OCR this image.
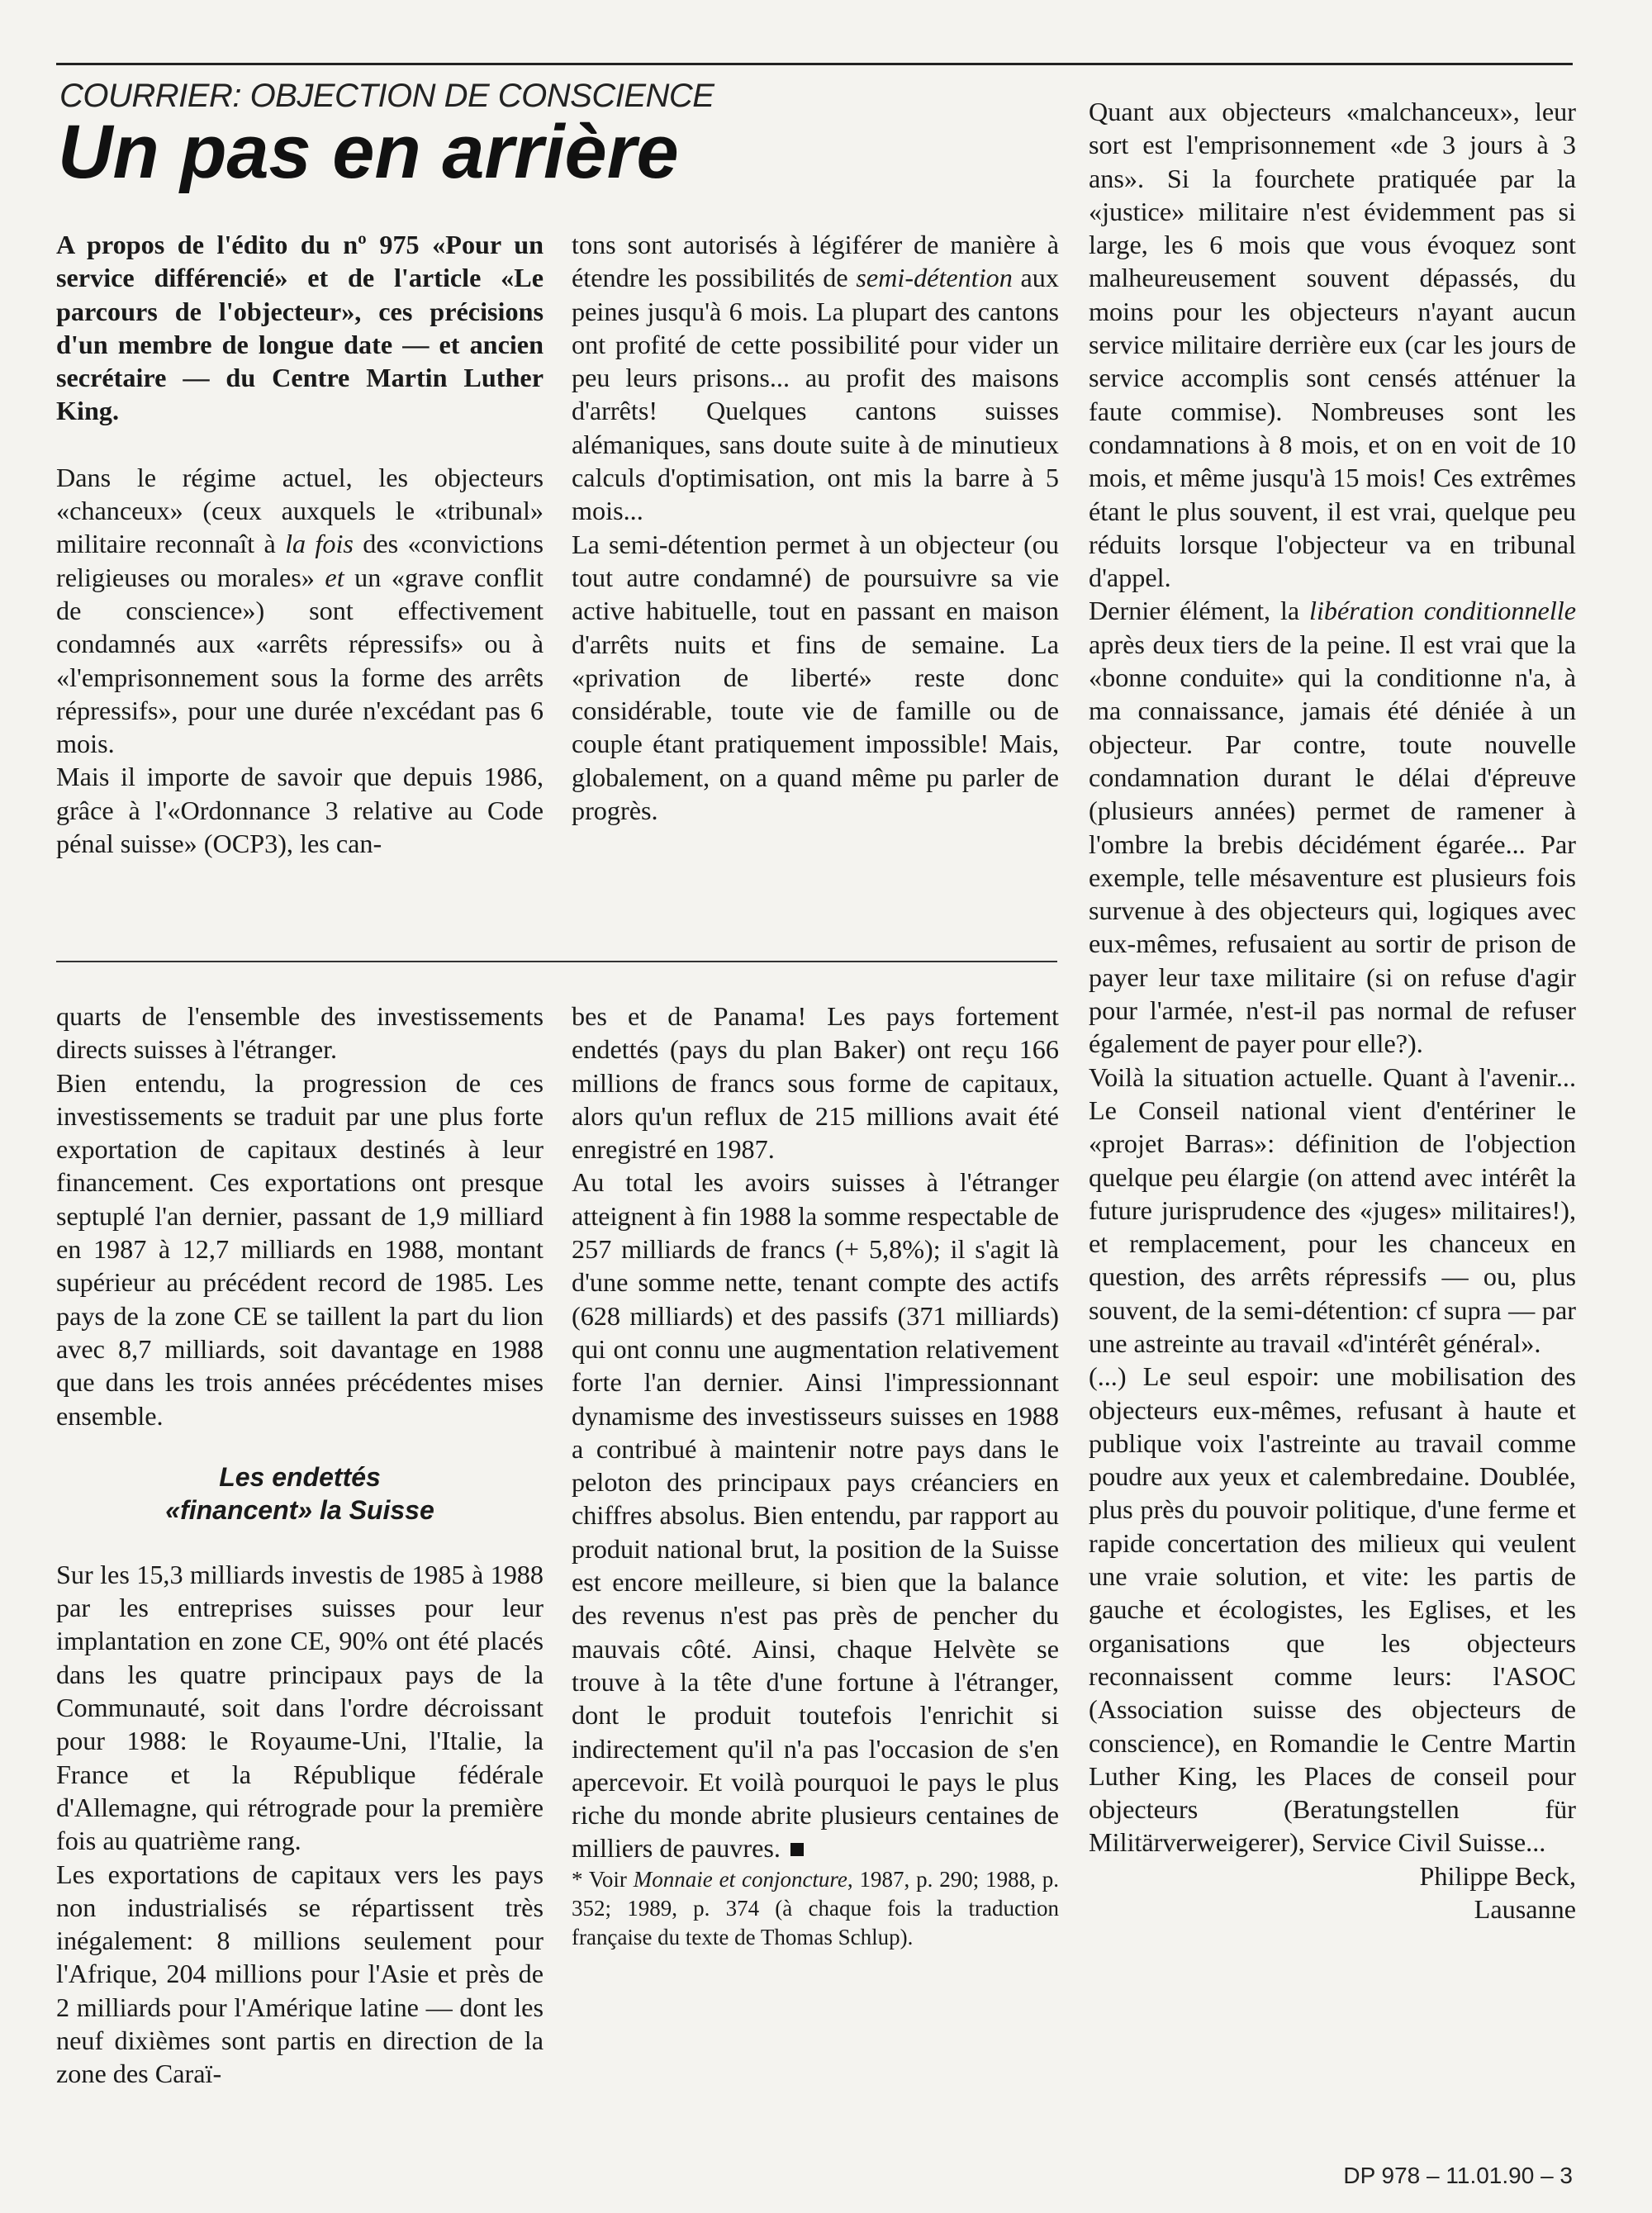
COURRIER: OBJECTION DE CONSCIENCE
Un pas en arrière

A propos de l'édito du nº 975 «Pour un service différencié» et de l'article «Le parcours de l'objecteur», ces précisions d'un membre de longue date — et ancien secrétaire — du Centre Martin Luther King.

Dans le régime actuel, les objecteurs «chanceux» (ceux auxquels le «tribunal» militaire reconnaît à la fois des «convictions religieuses ou morales» et un «grave conflit de conscience») sont effectivement condamnés aux «arrêts répressifs» ou à «l'emprisonnement sous la forme des arrêts répressifs», pour une durée n'excédant pas 6 mois.

Mais il importe de savoir que depuis 1986, grâce à l'«Ordonnance 3 relative au Code pénal suisse» (OCP3), les can-

tons sont autorisés à légiférer de manière à étendre les possibilités de semi-détention aux peines jusqu'à 6 mois. La plupart des cantons ont profité de cette possibilité pour vider un peu leurs prisons... au profit des maisons d'arrêts! Quelques cantons suisses alémaniques, sans doute suite à de minutieux calculs d'optimisation, ont mis la barre à 5 mois...

La semi-détention permet à un objecteur (ou tout autre condamné) de poursuivre sa vie active habituelle, tout en passant en maison d'arrêts nuits et fins de semaine. La «privation de liberté» reste donc considérable, toute vie de famille ou de couple étant pratiquement impossible! Mais, globalement, on a quand même pu parler de progrès.

Quant aux objecteurs «malchanceux», leur sort est l'emprisonnement «de 3 jours à 3 ans». Si la fourchete pratiquée par la «justice» militaire n'est évidemment pas si large, les 6 mois que vous évoquez sont malheureusement souvent dépassés, du moins pour les objecteurs n'ayant aucun service militaire derrière eux (car les jours de service accomplis sont censés atténuer la faute commise). Nombreuses sont les condamnations à 8 mois, et on en voit de 10 mois, et même jusqu'à 15 mois! Ces extrêmes étant le plus souvent, il est vrai, quelque peu réduits lorsque l'objecteur va en tribunal d'appel.

Dernier élément, la libération conditionnelle après deux tiers de la peine. Il est vrai que la «bonne conduite» qui la conditionne n'a, à ma connaissance, jamais été déniée à un objecteur. Par contre, toute nouvelle condamnation durant le délai d'épreuve (plusieurs années) permet de ramener à l'ombre la brebis décidément égarée... Par exemple, telle mésaventure est plusieurs fois survenue à des objecteurs qui, logiques avec eux-mêmes, refusaient au sortir de prison de payer leur taxe militaire (si on refuse d'agir pour l'armée, n'est-il pas normal de refuser également de payer pour elle?).

Voilà la situation actuelle. Quant à l'avenir... Le Conseil national vient d'entériner le «projet Barras»: définition de l'objection quelque peu élargie (on attend avec intérêt la future jurisprudence des «juges» militaires!), et remplacement, pour les chanceux en question, des arrêts répressifs — ou, plus souvent, de la semi-détention: cf supra — par une astreinte au travail «d'intérêt général».

(...) Le seul espoir: une mobilisation des objecteurs eux-mêmes, refusant à haute et publique voix l'astreinte au travail comme poudre aux yeux et calembredaine. Doublée, plus près du pouvoir politique, d'une ferme et rapide concertation des milieux qui veulent une vraie solution, et vite: les partis de gauche et écologistes, les Eglises, et les organisations que les objecteurs reconnaissent comme leurs: l'ASOC (Association suisse des objecteurs de conscience), en Romandie le Centre Martin Luther King, les Places de conseil pour objecteurs (Beratungstellen für Militärverweigerer), Service Civil Suisse...

Philippe Beck,

Lausanne

quarts de l'ensemble des investissements directs suisses à l'étranger.

Bien entendu, la progression de ces investissements se traduit par une plus forte exportation de capitaux destinés à leur financement. Ces exportations ont presque septuplé l'an dernier, passant de 1,9 milliard en 1987 à 12,7 milliards en 1988, montant supérieur au précédent record de 1985. Les pays de la zone CE se taillent la part du lion avec 8,7 milliards, soit davantage en 1988 que dans les trois années précédentes mises ensemble.

Les endettés
«financent» la Suisse

Sur les 15,3 milliards investis de 1985 à 1988 par les entreprises suisses pour leur implantation en zone CE, 90% ont été placés dans les quatre principaux pays de la Communauté, soit dans l'ordre décroissant pour 1988: le Royaume-Uni, l'Italie, la France et la République fédérale d'Allemagne, qui rétrograde pour la première fois au quatrième rang.

Les exportations de capitaux vers les pays non industrialisés se répartissent très inégalement: 8 millions seulement pour l'Afrique, 204 millions pour l'Asie et près de 2 milliards pour l'Amérique latine — dont les neuf dixièmes sont partis en direction de la zone des Caraï-

bes et de Panama! Les pays fortement endettés (pays du plan Baker) ont reçu 166 millions de francs sous forme de capitaux, alors qu'un reflux de 215 millions avait été enregistré en 1987.

Au total les avoirs suisses à l'étranger atteignent à fin 1988 la somme respectable de 257 milliards de francs (+ 5,8%); il s'agit là d'une somme nette, tenant compte des actifs (628 milliards) et des passifs (371 milliards) qui ont connu une augmentation relativement forte l'an dernier. Ainsi l'impressionnant dynamisme des investisseurs suisses en 1988 a contribué à maintenir notre pays dans le peloton des principaux pays créanciers en chiffres absolus. Bien entendu, par rapport au produit national brut, la position de la Suisse est encore meilleure, si bien que la balance des revenus n'est pas près de pencher du mauvais côté. Ainsi, chaque Helvète se trouve à la tête d'une fortune à l'étranger, dont le produit toutefois l'enrichit si indirectement qu'il n'a pas l'occasion de s'en apercevoir. Et voilà pourquoi le pays le plus riche du monde abrite plusieurs centaines de milliers de pauvres.

* Voir Monnaie et conjoncture, 1987, p. 290; 1988, p. 352; 1989, p. 374 (à chaque fois la traduction française du texte de Thomas Schlup).

DP 978 – 11.01.90 – 3
